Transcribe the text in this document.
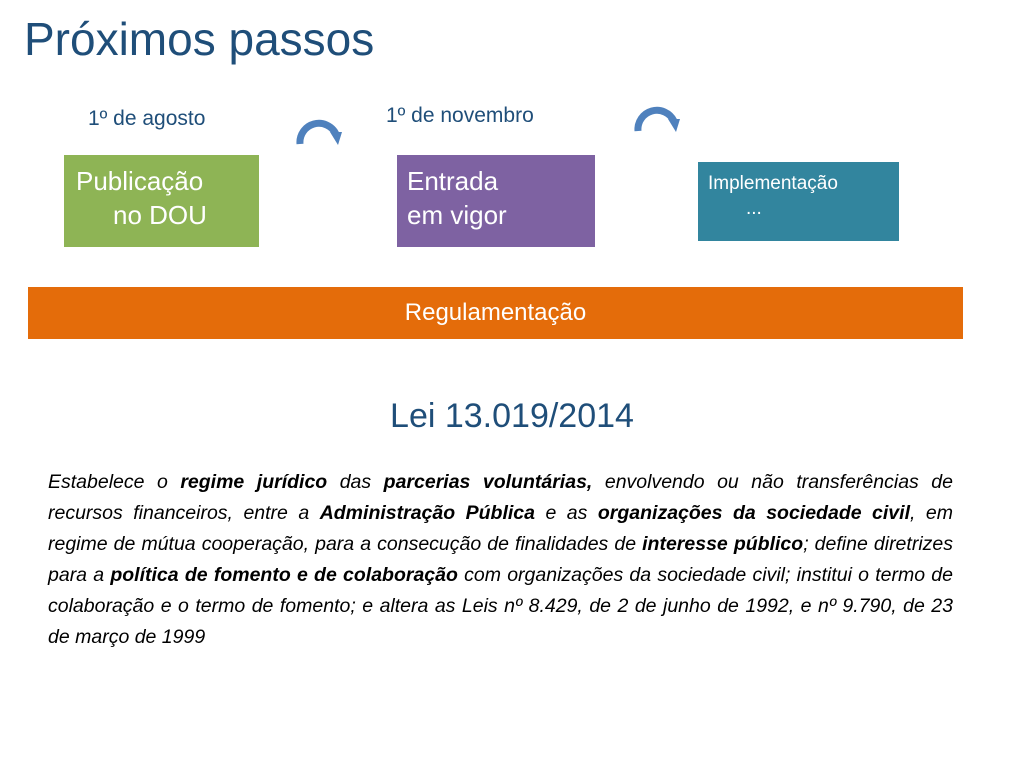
Próximos passos
1º de agosto	1º de novembro
Publicação
no DOU
Entrada
em vigor
Implementação
...
Regulamentação
Lei 13.019/2014

Estabelece o regime jurídico das parcerias voluntárias, envolvendo ou não transferências de recursos financeiros, entre a Administração Pública e as organizações da sociedade civil, em regime de mútua cooperação, para a consecução de finalidades de interesse público; define diretrizes para a política de fomento e de colaboração com organizações da sociedade civil; institui o termo de colaboração e o termo de fomento; e altera as Leis nº 8.429, de 2 de junho de 1992, e nº 9.790, de 23 de março de 1999
